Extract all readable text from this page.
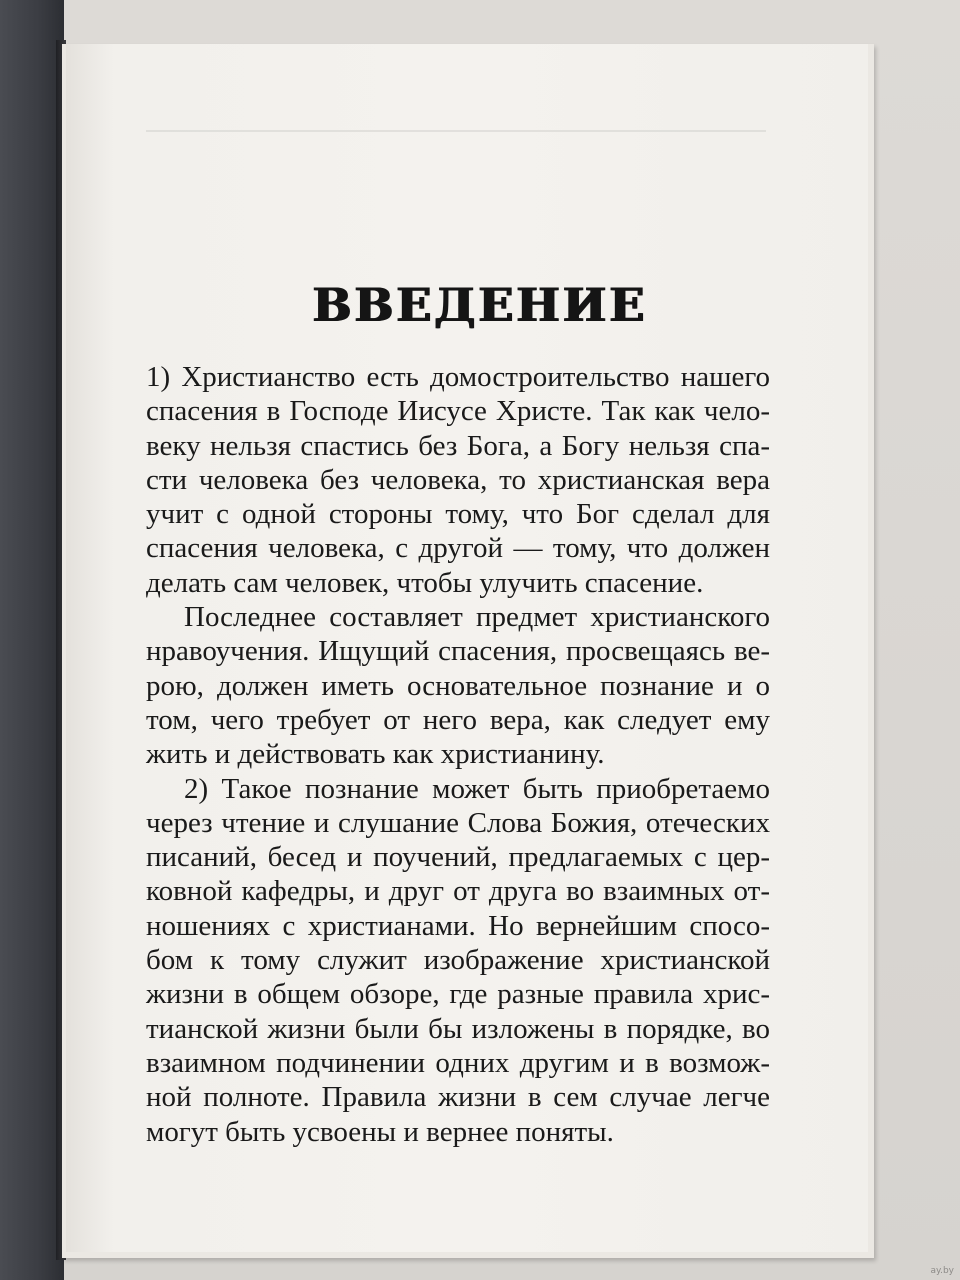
ВВЕДЕНИЕ
1) Христианство есть домостроительство нашего
спасения в Господе Иисусе Христе. Так как чело-
веку нельзя спастись без Бога, а Богу нельзя спа-
сти человека без человека, то христианская вера
учит с одной стороны тому, что Бог сделал для
спасения человека, с другой — тому, что должен
делать сам человек, чтобы улучить спасение.
Последнее составляет предмет христианского
нравоучения. Ищущий спасения, просвещаясь ве-
рою, должен иметь основательное познание и о
том, чего требует от него вера, как следует ему
жить и действовать как христианину.
2) Такое познание может быть приобретаемо
через чтение и слушание Слова Божия, отеческих
писаний, бесед и поучений, предлагаемых с цер-
ковной кафедры, и друг от друга во взаимных от-
ношениях с христианами. Но вернейшим спосо-
бом к тому служит изображение христианской
жизни в общем обзоре, где разные правила хрис-
тианской жизни были бы изложены в порядке, во
взаимном подчинении одних другим и в возмож-
ной полноте. Правила жизни в сем случае легче
могут быть усвоены и вернее поняты.
ay.by
